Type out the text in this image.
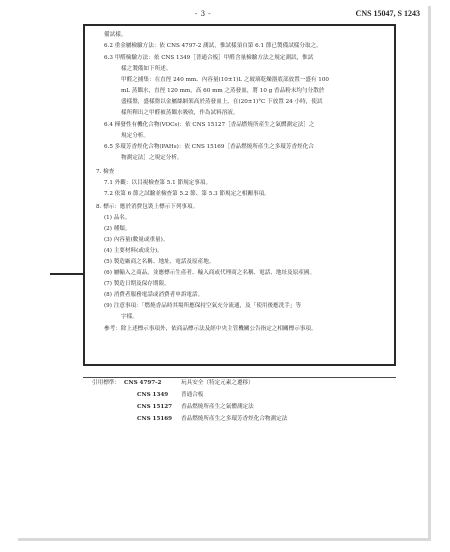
- 3 -	CNS 15047, S 1243
備試樣。
6.2 重金屬檢驗方法：依 CNS 4797-2 測試，惟試樣須自第 6.1 節已製備試樣分取之。
6.3 甲醛檢驗方法：依 CNS 1349［普通合板］甲醛含量檢驗方法之規定測試，惟試
樣之製備如下所述。
甲醛之捕集：在直徑 240 mm、內容量(10±1)L 之玻璃乾燥器底部放置一盛有 100
mL 蒸餾水，直徑 120 mm，高 60 mm 之蒸發皿，將 10 g 香品粉末均勻分散於
盛樣盤，盛樣盤以金屬絲網架高於蒸發皿上，在(20±1)°C 下放置 24 小時，使試
樣所釋出之甲醛被蒸餾水吸收，作為試料溶液。
6.4 揮發性有機化合物(VOCs)：依 CNS 15127［香品燃燒所產生之氣體測定法］之
規定分析。
6.5 多環芳香烴化合物(PAHs)：依 CNS 15169［香品燃燒所產生之多環芳香烴化合
物測定法］之規定分析。
7. 檢查
7.1 外觀：以目視檢查第 5.1 節規定事項。
7.2 依第 6 節之試驗並檢查第 5.2 節、第 5.3 節規定之相關事項。
8. 標示：應於消費包裝上標示下列事項。
(1) 品名。
(2) 種類。
(3) 內容量(數量或重量)。
(4) 主要材料(或成分)。
(5) 製造廠商之名稱、地址、電話及原產地。
(6) 屬輸入之商品，並應標示生產者、輸入商或代理商之名稱、電話、地址及原產國。
(7) 製造日期及保存期限。
(8) 消費者服務電話或消費者申訴電話。
(9) 注意事項：「燃燒香品時其場所應保持空氣充分流通，及「使用後應洗手」等
字樣。
參考：除上述標示事項外，依商品標示法及經中央主管機關公告指定之相關標示事項。
引用標準： CNS 4797-2	玩具安全（特定元素之遷移）
CNS 1349 普通合板
CNS 15127 香品燃燒所產生之氣體測定法
CNS 15169 香品燃燒所產生之多環芳香烴化合物測定法
